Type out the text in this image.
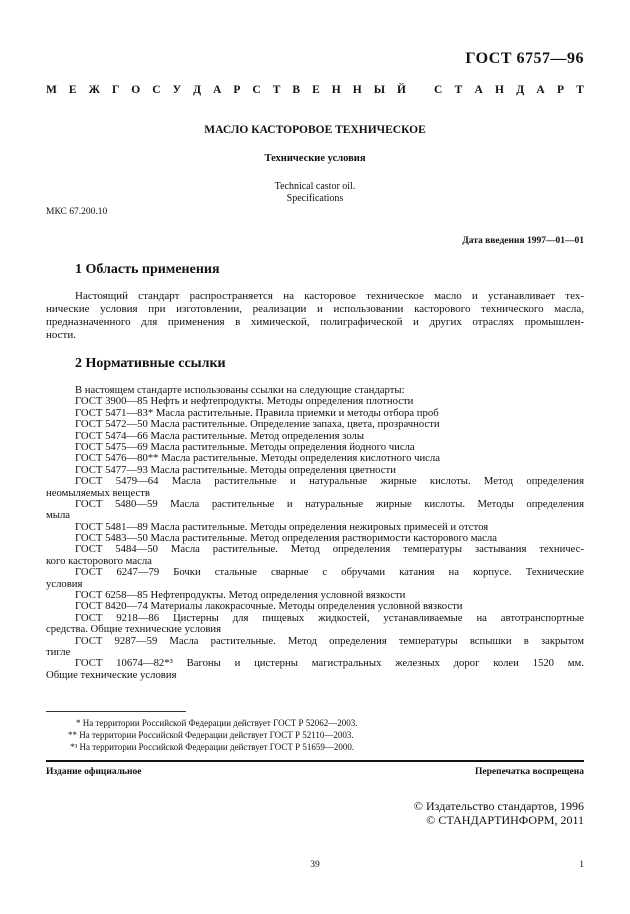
ГОСТ 6757—96
М Е Ж Г О С У Д А Р С Т В Е Н Н Ы Й С Т А Н Д А Р Т
МАСЛО КАСТОРОВОЕ ТЕХНИЧЕСКОЕ
Технические условия
Technical castor oil.
Specifications
МКС 67.200.10
Дата введения 1997—01—01
1 Область применения
Настоящий стандарт распространяется на касторовое техническое масло и устанавливает тех-
нические условия при изготовлении, реализации и использовании касторового технического масла,
предназначенного для применения в химической, полиграфической и других отраслях промышлен-
ности.
2 Нормативные ссылки
В настоящем стандарте использованы ссылки на следующие стандарты:
ГОСТ 3900—85 Нефть и нефтепродукты. Методы определения плотности
ГОСТ 5471—83* Масла растительные. Правила приемки и методы отбора проб
ГОСТ 5472—50 Масла растительные. Определение запаха, цвета, прозрачности
ГОСТ 5474—66 Масла растительные. Метод определения золы
ГОСТ 5475—69 Масла растительные. Методы определения йодного числа
ГОСТ 5476—80** Масла растительные. Методы определения кислотного числа
ГОСТ 5477—93 Масла растительные. Методы определения цветности
ГОСТ 5479—64 Масла растительные и натуральные жирные кислоты. Метод определения
неомыляемых веществ
ГОСТ 5480—59 Масла растительные и натуральные жирные кислоты. Методы определения
мыла
ГОСТ 5481—89 Масла растительные. Методы определения нежировых примесей и отстоя
ГОСТ 5483—50 Масла растительные. Метод определения растворимости касторового масла
ГОСТ 5484—50 Масла растительные. Метод определения температуры застывания техничес-
кого касторового масла
ГОСТ 6247—79 Бочки стальные сварные с обручами катания на корпусе. Технические
условия
ГОСТ 6258—85 Нефтепродукты. Метод определения условной вязкости
ГОСТ 8420—74 Материалы лакокрасочные. Методы определения условной вязкости
ГОСТ 9218—86 Цистерны для пищевых жидкостей, устанавливаемые на автотранспортные
средства. Общие технические условия
ГОСТ 9287—59 Масла растительные. Метод определения температуры вспышки в закрытом
тигле
ГОСТ 10674—82*³ Вагоны и цистерны магистральных железных дорог колеи 1520 мм.
Общие технические условия
* На территории Российской Федерации действует ГОСТ Р 52062—2003.
** На территории Российской Федерации действует ГОСТ Р 52110—2003.
*³ На территории Российской Федерации действует ГОСТ Р 51659—2000.
Издание официальное	Перепечатка воспрещена
© Издательство стандартов, 1996
© СТАНДАРТИНФОРМ, 2011
39	1
